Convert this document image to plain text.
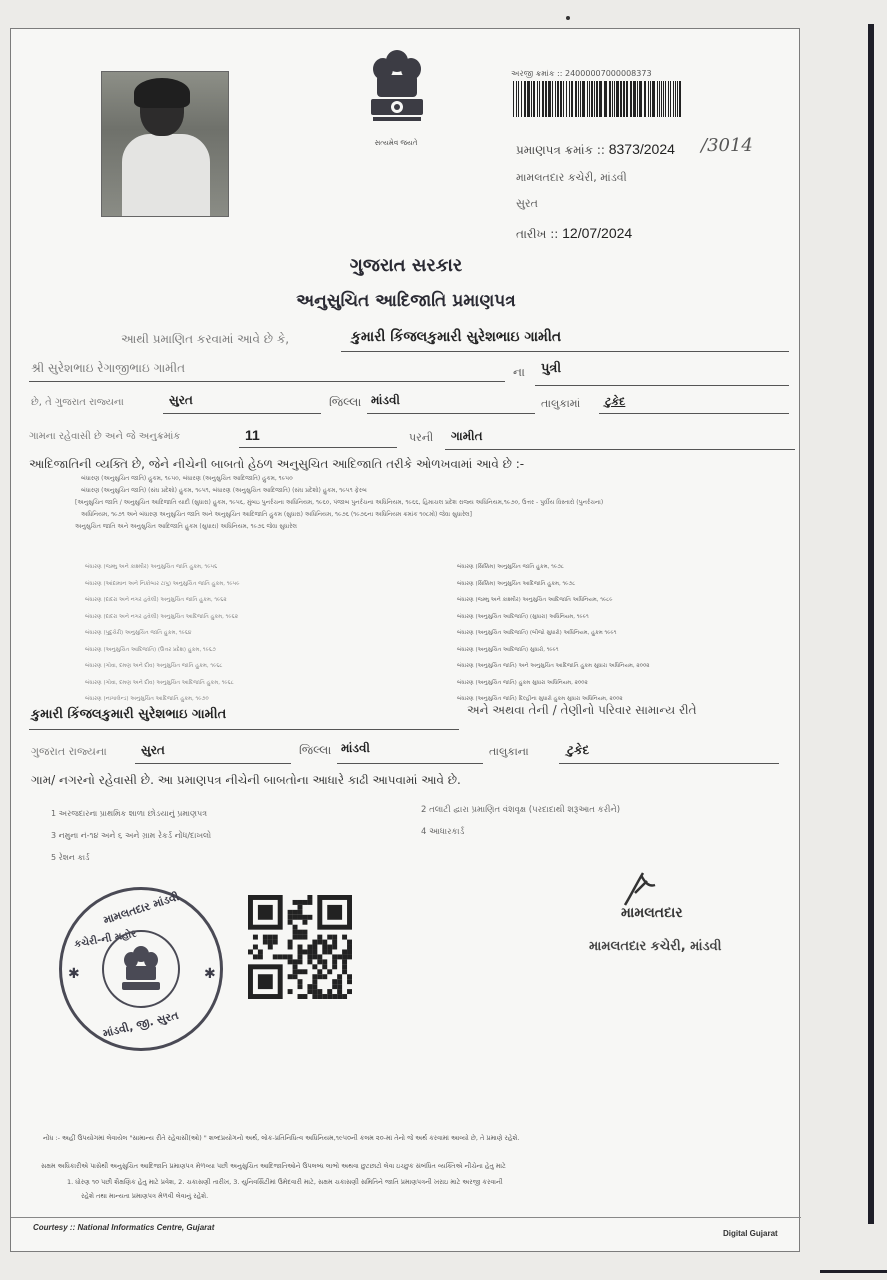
સત્યમેવ જયતે
અરજી ક્રમાંક :: 24000007000008373
પ્રમાણપત્ર ક્રમાંક :: 8373/2024 /3014
મામલતદાર કચેરી, માંડવી
સુરત
તારીખ :: 12/07/2024
ગુજરાત સરકાર
અનુસુચિત આદિજાતિ પ્રમાણપત્ર
આથી પ્રમાણિત કરવામાં આવે છે કે,	કુમારી કિંજલકુમારી સુરેશભાઇ ગામીત
શ્રી સુરેશભાઇ રેગાજીભાઇ ગામીત	ના પુત્રી
છે, તે ગુજરાત રાજ્યના	સુરત	જિલ્લા માંડવી	તાલુકામાં ટુકેદ
ગામના રહેવાસી છે અને જે અનુક્રમાંક	11	પરની ગામીત
આદિજાતિની વ્યક્તિ છે, જેને નીચેની બાબતો હેઠળ અનુસુચિત આદિજાતિ તરીકે ઓળખવામાં આવે છે :-
બંધારણ (અનુસુચિત જાતિ) હુકમ, ૧૯૫૦, બંધારણ (અનુસુચિત આદિજાતિ) હુકમ, ૧૯૫૦
બંધારણ (અનુસુચિત જાતિ) (સંઘ પ્રદેશો) હુકમ, ૧૯૫૧, બંધારણ (અનુસુચિત આદિજાતિ) (સંઘ પ્રદેશો) હુકમ, ૧૯૫૧ ફેરબ
[અનુસુચિત જાતિ / અનુસુચિત આદિજાતિ યાદી (સુધારા) હુકમ, ૧૯૫૬, મુંબઇ પુનર્રચના અધિનિયમ, ૧૯૬૦, પંજાબ પુનર્રચના અધિનિયમ, ૧૯૬૬, હિમાચલ પ્રદેશ રાજ્ય અધિનિયમ,૧૯૭૦, ઉત્તર - પુર્વીય વિસ્તારો (પુનર્રચના)
અધિનિયમ, ૧૯૭૧ અને બંધારણ અનુસુચિત જાતિ અને અનુસુચિત આદિજાતિ હુકમ (સુધારા) અધિનિયમ, ૧૯૭૬ (૧૯૭૬ના અધિનિયમ ક્રમાંક ૧૦૮મો) જેવા સુધારેલ]
અનુસુચિત જાતિ અને અનુસુચિત આદિજાતિ હુકમ (સુધારા) અધિનિયમ, ૧૯૭૬ જેવા સુધારેલ
બંધારણ (જમ્મુ અને કાશ્મીર) અનુસુચિત જાતિ હુકમ, ૧૯૫૬
બંધારણ (આંદામાન અને નિકોબાર ટાપુ) અનુસુચિત જાતિ હુકમ, ૧૯૫૯
બંધારણ (દાદરા અને નગર હવેલી) અનુસુચિત જાતિ હુકમ, ૧૯૬૨
બંધારણ (દાદરા અને નગર હવેલી) અનુસુચિત આદિજાતિ હુકમ, ૧૯૬૨
બંધારણ (પુદુચેરી) અનુસુચિત જાતિ હુકમ, ૧૯૬૪
બંધારણ (અનુસુચિત આદિજાતિ) (ઉત્તર પ્રદેશ) હુકમ, ૧૯૬૭
બંધારણ (ગોવા, દમણ અને દીવ) અનુસુચિત જાતિ હુકમ, ૧૯૬૮
બંધારણ (ગોવા, દમણ અને દીવ) અનુસુચિત આદિજાતિ હુકમ, ૧૯૬૮
બંધારણ (નાગાલેન્ડ) અનુસુચિત આદિજાતિ હુકમ, ૧૯૭૦
બંધારણ (સિક્કિમ) અનુસુચિત જાતિ હુકમ, ૧૯૭૮
બંધારણ (સિક્કિમ) અનુસુચિત આદિજાતિ હુકમ, ૧૯૭૮
બંધારણ (જમ્મુ અને કાશ્મીર) અનુસુચિત આદિજાતિ અધિનિયમ, ૧૯૮૯
બંધારણ (અનુસુચિત આદિજાતિ) (સુધારા) અધિનિયમ, ૧૯૯૧
બંધારણ (અનુસુચિત આદિજાતિ) (બીજો સુધારો) અધિનિયમ, હુકમ ૧૯૯૧
બંધારણ (અનુસુચિત આદિજાતિ) સુધારો, ૧૯૯૧
બંધારણ (અનુસુચિત જાતિ) અને અનુસુચિત આદિજાતિ હુકમ સુધારા અધિનિયમ, ૨૦૦૨
બંધારણ (અનુસુચિત જાતિ) હુકમ સુધારા અધિનિયમ, ૨૦૦૨
બંધારણ (અનુસુચિત જાતિ) દિલ્હીના સુધારો હુકમ સુધારા અધિનિયમ, ૨૦૦૨
કુમારી કિંજલકુમારી સુરેશભાઇ ગામીત	અને અથવા તેની / તેણીનો પરિવાર સામાન્ય રીતે
ગુજરાત રાજ્યના	સુરત	જિલ્લા માંડવી	તાલુકાના	ટુકેદ
ગામ/ નગરનો રહેવાસી છે. આ પ્રમાણપત્ર નીચેની બાબતોના આધારે કાઢી આપવામાં આવે છે.
1 અરજદારના પ્રાથમિક શાળા છોડયાનું પ્રમાણપત્ર
3 નમુના નં-૧૪ અને ૬ અને ગ્રામ રેકર્ડ નોંધ/દાખલો
5 રેશન કાર્ડ
2 તલાટી દ્વારા પ્રમાણિત વંશવૃક્ષ (પરદાદાથી શરૂઆત કરીને)
4 આધારકાર્ડ
મામલતદાર માંડવી
કચેરી-ની મહોર
✱	✱
માંડવી, જી. સુરત
મામલતદાર
મામલતદાર કચેરી, માંડવી
નોંધ :- અહીં ઉપયોગમાં લેવાયેલ "સામાન્ય રીતે રહેવાસી(ઓ) " શબ્દપ્રયોગનો અર્થ, લોક-પ્રતિનિધિત્વ અધિનિયમ,૧૯૫૦ની કલમ ૨૦-માં તેનો જે અર્થ કરવામાં આવ્યો છે, તે પ્રમાણે રહેશે.
સક્ષમ અધિકારીએ પાસેથી અનુસુચિત આદિજાતિ પ્રમાણપત્ર મેળવ્યા પછી અનુસુચિત આદિજાતિઓને ઉપલબ્ધ લાભો અથવા છુટછાટો લેવા ઇચ્છુક સંબંધિત વ્યક્તિએ નીચેના હેતુ માટે
1. ધોરણ ૧૦ પછી શૈક્ષણિક હેતુ માટે પ્રવેશ, 2. ચકાસણી તારીખ, 3. યુનિવર્સિટીમાં ઉમેદવારી માટે, સક્ષમ ચકાસણી સમિતિને જાતિ પ્રમાણપત્રની ખરાઇ માટે અરજી કરવાની
રહેશે તથા માન્યતા પ્રમાણપત્ર મેળવી લેવાનું રહેશે.
Courtesy :: National Informatics Centre, Gujarat
Digital Gujarat
